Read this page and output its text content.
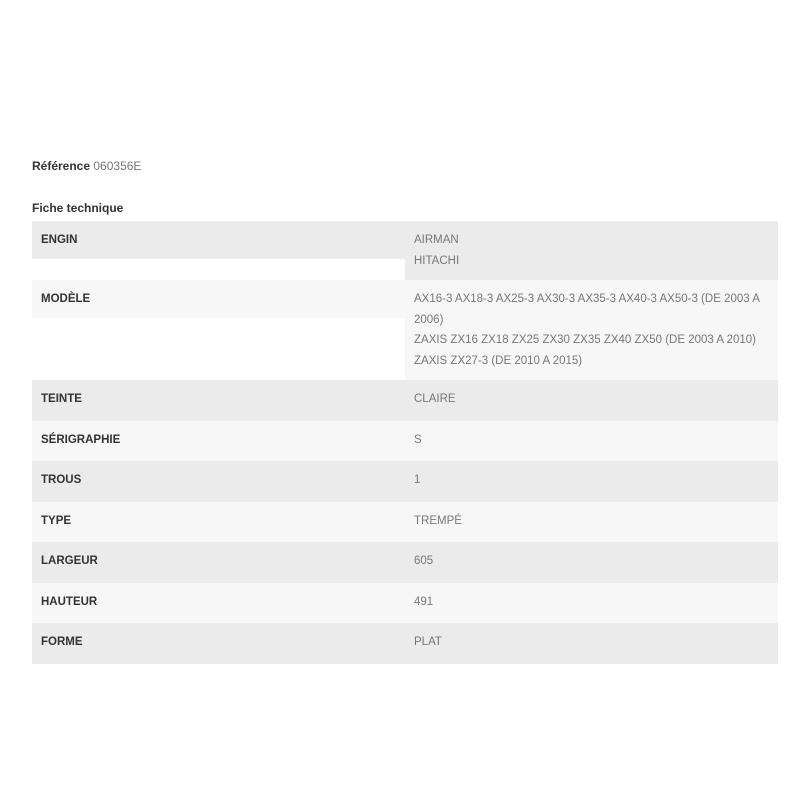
Référence 060356E
Fiche technique
ENGIN	AIRMAN
HITACHI
MODÈLE	AX16-3 AX18-3 AX25-3 AX30-3 AX35-3 AX40-3 AX50-3 (DE 2003 A 2006)
ZAXIS ZX16 ZX18 ZX25 ZX30 ZX35 ZX40 ZX50 (DE 2003 A 2010)
ZAXIS ZX27-3 (DE 2010 A 2015)
TEINTE	CLAIRE
SÉRIGRAPHIE	S
TROUS	1
TYPE	TREMPÉ
LARGEUR	605
HAUTEUR	491
FORME	PLAT
